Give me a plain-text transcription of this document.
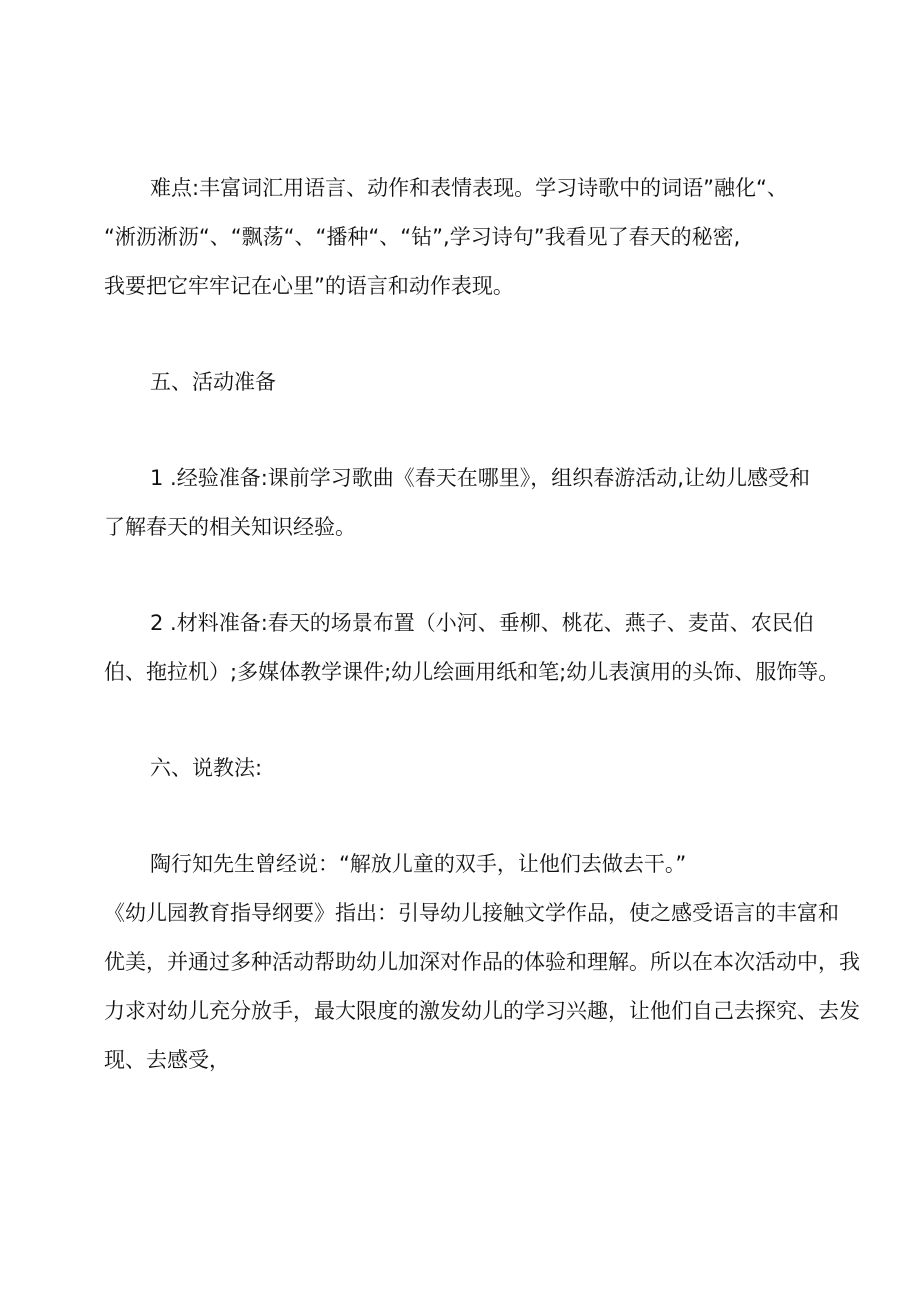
难点:丰富词汇用语言、动作和表情表现。学习诗歌中的词语”融化“、
“淅沥淅沥“、“飘荡“、“播种“、“钻”,学习诗句”我看见了春天的秘密,
我要把它牢牢记在心里”的语言和动作表现。
五、活动准备
1 .经验准备:课前学习歌曲《春天在哪里》，组织春游活动,让幼儿感受和
了解春天的相关知识经验。
2 .材料准备:春天的场景布置（小河、垂柳、桃花、燕子、麦苗、农民伯
伯、拖拉机）;多媒体教学课件;幼儿绘画用纸和笔;幼儿表演用的头饰、服饰等。
六、说教法:
陶行知先生曾经说：“解放儿童的双手，让他们去做去干。”
《幼儿园教育指导纲要》指出：引导幼儿接触文学作品，使之感受语言的丰富和
优美，并通过多种活动帮助幼儿加深对作品的体验和理解。所以在本次活动中，我
力求对幼儿充分放手，最大限度的激发幼儿的学习兴趣，让他们自己去探究、去发
现、去感受，
